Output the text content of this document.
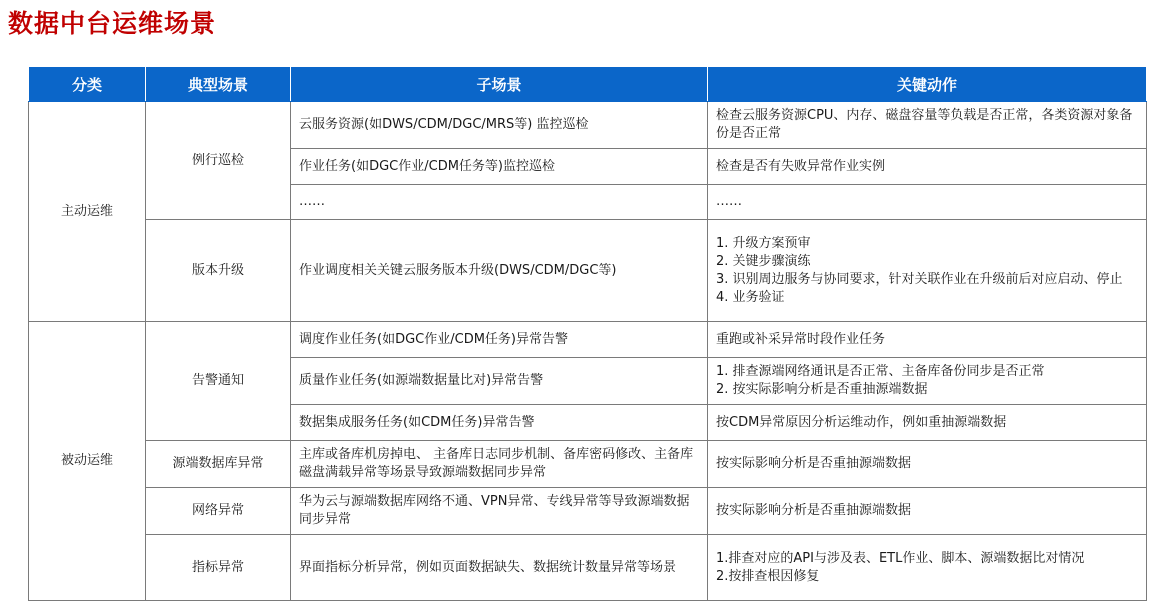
数据中台运维场景
分类	典型场景	子场景	关键动作
主动运维	例行巡检	云服务资源(如DWS/CDM/DGC/MRS等) 监控巡检	检查云服务资源CPU、内存、磁盘容量等负载是否正常，各类资源对象备份是否正常

		作业任务(如DGC作业/CDM任务等)监控巡检	检查是否有失败异常作业实例

		……	……

	版本升级	作业调度相关关键云服务版本升级(DWS/CDM/DGC等)	1. 升级方案预审
2. 关键步骤演练
3. 识别周边服务与协同要求，针对关联作业在升级前后对应启动、停止
4. 业务验证

被动运维	告警通知	调度作业任务(如DGC作业/CDM任务)异常告警	重跑或补采异常时段作业任务

		质量作业任务(如源端数据量比对)异常告警	1. 排查源端网络通讯是否正常、主备库备份同步是否正常
2. 按实际影响分析是否重抽源端数据

		数据集成服务任务(如CDM任务)异常告警	按CDM异常原因分析运维动作，例如重抽源端数据

	源端数据库异常	主库或备库机房掉电、 主备库日志同步机制、备库密码修改、主备库磁盘满载异常等场景导致源端数据同步异常	按实际影响分析是否重抽源端数据

	网络异常	华为云与源端数据库网络不通、VPN异常、专线异常等导致源端数据同步异常	按实际影响分析是否重抽源端数据

	指标异常	界面指标分析异常，例如页面数据缺失、数据统计数量异常等场景	1.排查对应的API与涉及表、ETL作业、脚本、源端数据比对情况
2.按排查根因修复
